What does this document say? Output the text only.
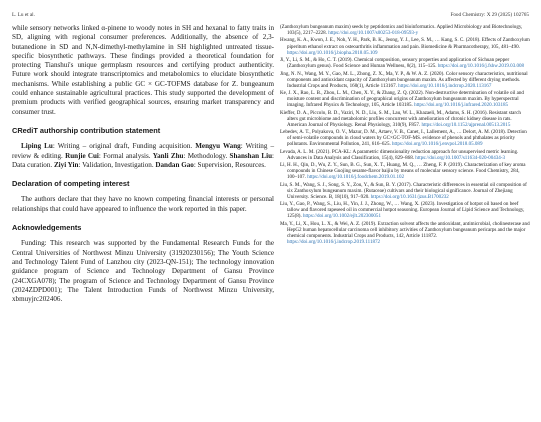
L. Lu et al.	Food Chemistry: X 29 (2025) 102765

while sensory networks linked α-pinene to woody notes in SH and hexanal to fatty traits in SD, aligning with regional consumer preferences. Additionally, the absence of 2,3-butanedione in SD and N,N-dimethyl-methylamine in SH highlighted untreated tissue-specific biosynthetic pathways. These findings provided a theoretical foundation for protecting Tianshui's unique germplasm resources and certifying product authenticity. Future work should integrate transcriptomics and metabolomics to elucidate biosynthetic mechanisms. While establishing a public GC × GC-TOFMS database for Z. bungeanum could enhance sustainable agricultural practices. This study supported the development of premium products with verified geographical sources, ensuring market transparency and consumer trust.

CRediT authorship contribution statement

Liping Lu: Writing – original draft, Funding acquisition. Mengyu Wang: Writing – review & editing. Runjie Cui: Formal analysis. Yanli Zhu: Methodology. Shanshan Liu: Data curation. Ziyi Yin: Validation, Investigation. Dandan Gao: Supervision, Resources.

Declaration of competing interest

The authors declare that they have no known competing financial interests or personal relationships that could have appeared to influence the work reported in this paper.

Acknowledgements

Funding: This research was supported by the Fundamental Research Funds for the Central Universities of Northwest Minzu University (31920230156); The Youth Science and Technology Talent Fund of Lanzhou city (2023-QN-151); The technology innovation guidance program of Science and Technology Department of Gansu Province (24CXGA078); The program of Science and Technology Department of Gansu Province (2024ZDPD001); The Talent Introduction Funds of Northwest Minzu University, xbmuyjrc202406.

(Zanthoxylum bungeanum maxim) seeds by peptidomics and bioinformatics. Applied Microbiology and Biotechnology, 103(5), 2217–2228. https://doi.org/10.1007/s00253-018-09593-y

Hwang, K. A., Kwon, J. E., Noh, Y. H., Park, B. K., Jeong, Y. J., Lee, S. M., … Kang, S. C. (2018). Effects of Zanthoxylum piperitum ethanol extract on osteoarthritis inflammation and pain. Biomedicine & Pharmacotherapy, 105, 481–490. https://doi.org/10.1016/j.biopha.2018.05.109

Ji, Y., Li, S. M., & Ho, C. T. (2019). Chemical composition, sensory properties and application of Sichuan pepper (Zanthoxylum genus). Food Science and Human Wellness, 8(2), 115–125. https://doi.org/10.1016/j.fshw.2019.03.008

Jing, N. N., Wang, M. Y., Gao, M. L., Zhong, Z. X., Ma, Y. P., & W. A. Z. (2020). Color sensory characteristics, nutritional components and antioxidant capacity of Zanthoxylum bungeanum maxim. As affected by different drying methods. Industrial Crops and Products, 160(1), Article 113167. https://doi.org/10.1016/j.indcrop.2020.113167

Ke, J. X., Rao, L. B., Zhou, L. M., Chen, X. Y., & Zhang, Z. Q. (2022). Non-destructive determination of volatile oil and moisture content and discrimination of geographical origins of Zanthoxylum bungeanum maxim. By hyperspectral imaging. Infrared Physics & Technology, 105, Article 103185. https://doi.org/10.1016/j.infrared.2020.103185

Kieffer, D. A., Piccolo, B. D., Vaziri, N. D., Liu, S. M., Lau, W. L., Khazaeli, M., Adams, S. H. (2016). Resistant starch alters gut microbiome and metabolomic profiles concurrent with amelioration of chronic kidney disease in rats. American Journal of Physiology. Renal Physiology, 310(9), F857. https://doi.org/10.1152/ajprenal.00513.2015

Lebedev, A. T., Polyakova, O. V., Mazur, D. M., Artaev, V. B., Canet, I., Lallement, A., … Delort, A. M. (2018). Detection of semi-volatile compounds in cloud waters by GC×GC-TOF-MS. evidence of phenols and phthalates as priority pollutants. Environmental Pollution, 241, 616–625. https://doi.org/10.1016/j.envpol.2018.05.089

Levada, A. L. M. (2021). PCA-KL: A parametric dimensionality reduction approach for unsupervised metric learning. Advances in Data Analysis and Classification, 15(4), 829–868. https://doi.org/10.1007/s11634-020-00434-3

Li, H. H., Qin, D., Wu, Z. Y., Sun, B. G., Sun, X. T., Huang, M. Q., … Zheng, F. P. (2019). Characterization of key aroma compounds in Chinese Guojing sesame-flavor baijiu by means of molecular sensory science. Food Chemistry, 284, 100–107. https://doi.org/10.1016/j.foodchem.2019.01.102

Liu, S. M., Wang, S. J., Song, S. Y., Zou, Y., & Sun, B. Y. (2017). Characteristic differences in essential oil composition of six Zanthoxylum bungeanum maxim. (Rutaceae) cultivars and their biological significance. Journal of Zhejiang University. Science. B, 18(10), 917–920. https://doi.org/10.1631/jzus.B1700232

Liu, Y., Gao, P., Wang, S., Liu, H., Yin, J. J., Zhong, W., … Wang, X. (2023). Investigation of hotpot oil based on beef tallow and flavored rapeseed oil in commercial hotpot seasoning. European Journal of Lipid Science and Technology, 125(8). https://doi.org/10.1002/ejlt.202300051

Ma, Y., Li, X., Hou, L. X., & Wei, A. Z. (2019). Extraction solvent affects the antioxidant, antimicrobial, cholinesterase and HepG2 human hepatocellular carcinoma cell inhibitory activities of Zanthoxylum bungeanum pericarps and the major chemical components. Industrial Crops and Products, 142, Article 111872. https://doi.org/10.1016/j.indcrop.2019.111872
